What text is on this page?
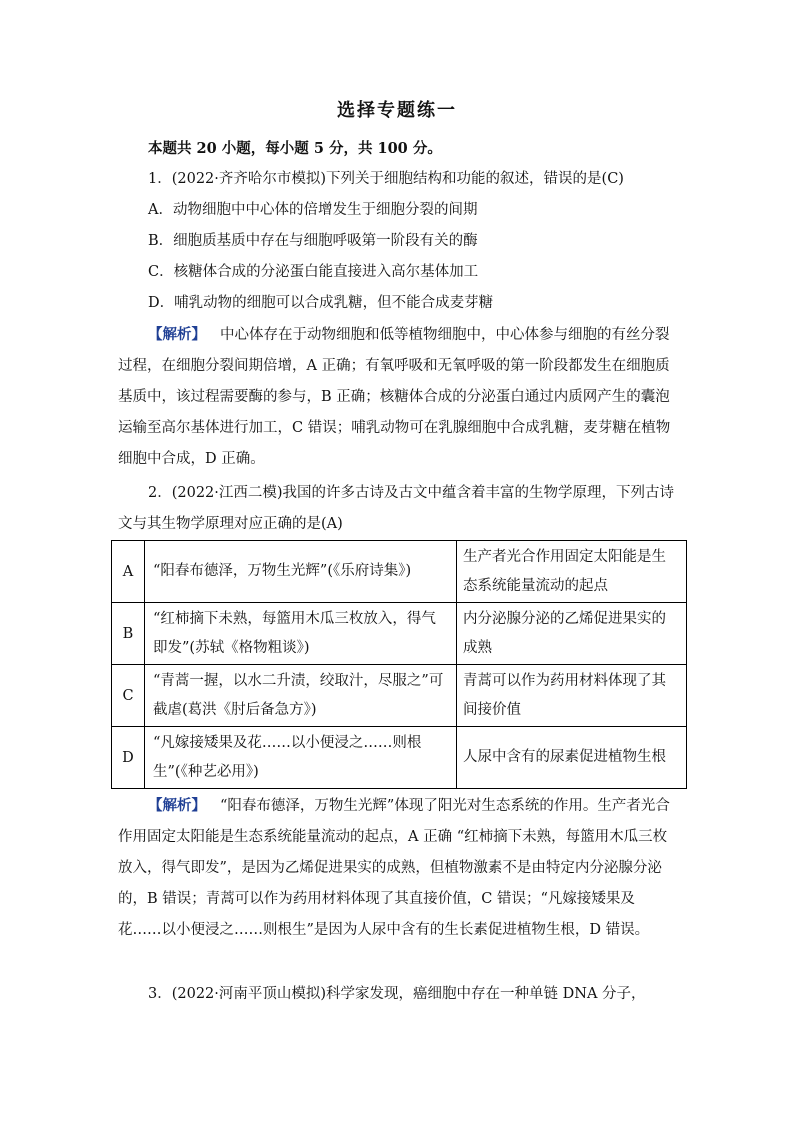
选择专题练一

本题共 20 小题，每小题 5 分，共 100 分。

1．(2022·齐齐哈尔市模拟)下列关于细胞结构和功能的叙述，错误的是(C)

A．动物细胞中中心体的倍增发生于细胞分裂的间期

B．细胞质基质中存在与细胞呼吸第一阶段有关的酶

C．核糖体合成的分泌蛋白能直接进入高尔基体加工

D．哺乳动物的细胞可以合成乳糖，但不能合成麦芽糖

【解析】 中心体存在于动物细胞和低等植物细胞中，中心体参与细胞的有丝分裂过程，在细胞分裂间期倍增，A 正确；有氧呼吸和无氧呼吸的第一阶段都发生在细胞质基质中，该过程需要酶的参与，B 正确；核糖体合成的分泌蛋白通过内质网产生的囊泡运输至高尔基体进行加工，C 错误；哺乳动物可在乳腺细胞中合成乳糖，麦芽糖在植物细胞中合成，D 正确。

2．(2022·江西二模)我国的许多古诗及古文中蕴含着丰富的生物学原理，下列古诗文与其生物学原理对应正确的是(A)

A	“阳春布德泽，万物生光辉”(《乐府诗集》)	生产者光合作用固定太阳能是生态系统能量流动的起点
B	“红柿摘下未熟，每篮用木瓜三枚放入，得气即发”(苏轼《格物粗谈》)	内分泌腺分泌的乙烯促进果实的成熟
C	“青蒿一握，以水二升渍，绞取汁，尽服之”可截虐(葛洪《肘后备急方》)	青蒿可以作为药用材料体现了其间接价值
D	“凡嫁接矮果及花……以小便浸之……则根生”(《种艺必用》)	人尿中含有的尿素促进植物生根

【解析】 “阳春布德泽，万物生光辉”体现了阳光对生态系统的作用。生产者光合作用固定太阳能是生态系统能量流动的起点，A 正确 “红柿摘下未熟，每篮用木瓜三枚放入，得气即发”，是因为乙烯促进果实的成熟，但植物激素不是由特定内分泌腺分泌的，B 错误；青蒿可以作为药用材料体现了其直接价值，C 错误；“凡嫁接矮果及花……以小便浸之……则根生”是因为人尿中含有的生长素促进植物生根，D 错误。

3．(2022·河南平顶山模拟)科学家发现，癌细胞中存在一种单链 DNA 分子，
